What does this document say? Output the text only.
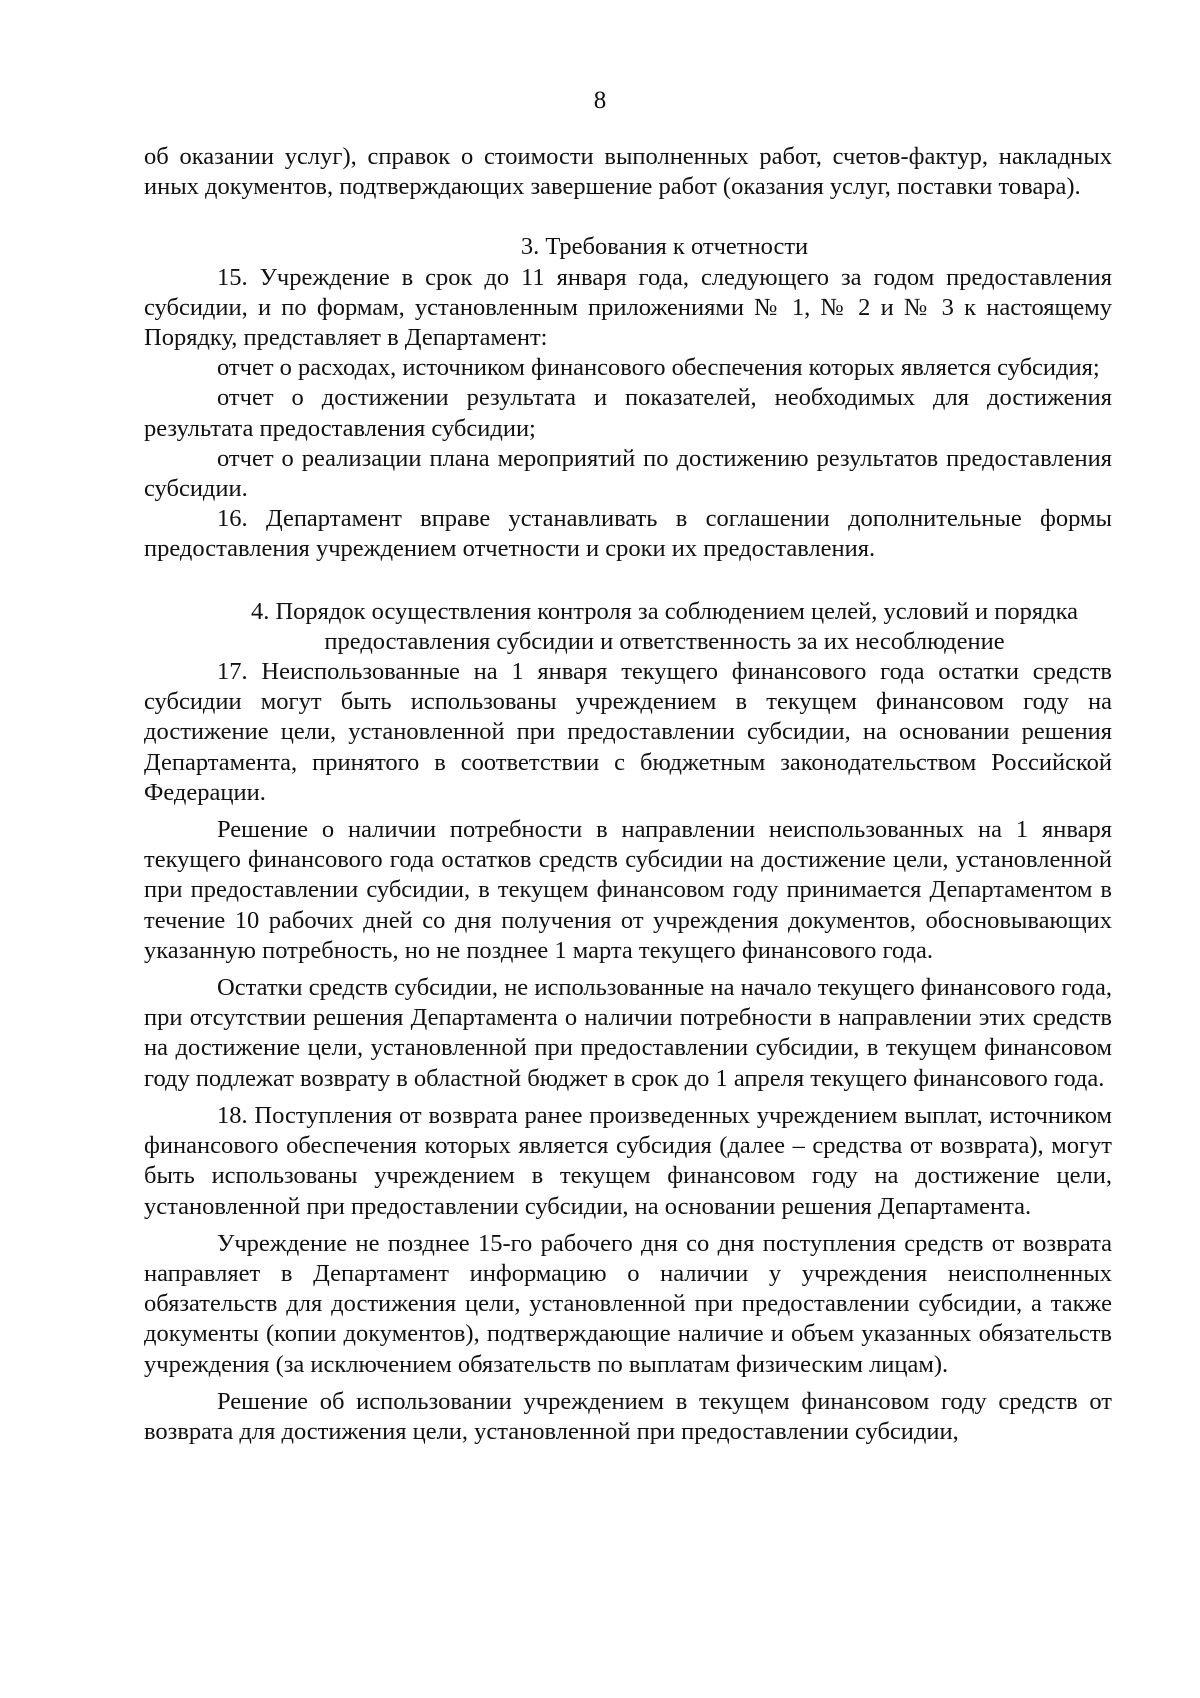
8

об оказании услуг), справок о стоимости выполненных работ, счетов-фактур, накладных иных документов, подтверждающих завершение работ (оказания услуг, поставки товара).

3. Требования к отчетности

15. Учреждение в срок до 11 января года, следующего за годом предоставления субсидии, и по формам, установленным приложениями № 1, № 2 и № 3 к настоящему Порядку, представляет в Департамент:

отчет о расходах, источником финансового обеспечения которых является субсидия;

отчет о достижении результата и показателей, необходимых для достижения результата предоставления субсидии;

отчет о реализации плана мероприятий по достижению результатов предоставления субсидии.

16. Департамент вправе устанавливать в соглашении дополнительные формы предоставления учреждением отчетности и сроки их предоставления.

4. Порядок осуществления контроля за соблюдением целей, условий и порядка

предоставления субсидии и ответственность за их несоблюдение

17. Неиспользованные на 1 января текущего финансового года остатки средств субсидии могут быть использованы учреждением в текущем финансовом году на достижение цели, установленной при предоставлении субсидии, на основании решения Департамента, принятого в соответствии с бюджетным законодательством Российской Федерации.

Решение о наличии потребности в направлении неиспользованных на 1 января текущего финансового года остатков средств субсидии на достижение цели, установленной при предоставлении субсидии, в текущем финансовом году принимается Департаментом в течение 10 рабочих дней со дня получения от учреждения документов, обосновывающих указанную потребность, но не позднее 1 марта текущего финансового года.

Остатки средств субсидии, не использованные на начало текущего финансового года, при отсутствии решения Департамента о наличии потребности в направлении этих средств на достижение цели, установленной при предоставлении субсидии, в текущем финансовом году подлежат возврату в областной бюджет в срок до 1 апреля текущего финансового года.

18. Поступления от возврата ранее произведенных учреждением выплат, источником финансового обеспечения которых является субсидия (далее – средства от возврата), могут быть использованы учреждением в текущем финансовом году на достижение цели, установленной при предоставлении субсидии, на основании решения Департамента.

Учреждение не позднее 15-го рабочего дня со дня поступления средств от возврата направляет в Департамент информацию о наличии у учреждения неисполненных обязательств для достижения цели, установленной при предоставлении субсидии, а также документы (копии документов), подтверждающие наличие и объем указанных обязательств учреждения (за исключением обязательств по выплатам физическим лицам).

Решение об использовании учреждением в текущем финансовом году средств от возврата для достижения цели, установленной при предоставлении субсидии,
